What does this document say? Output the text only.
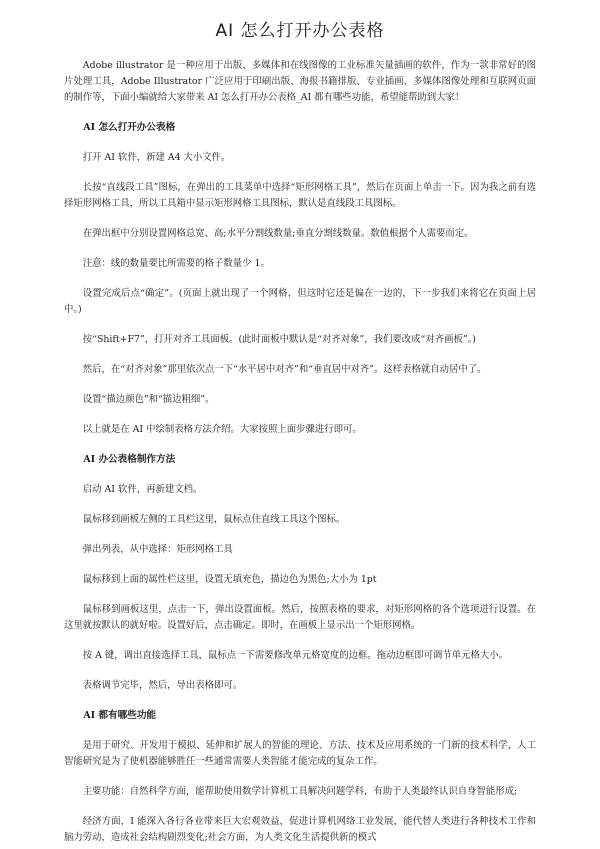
AI 怎么打开办公表格

Adobe illustrator 是一种应用于出版、多媒体和在线图像的工业标准矢量插画的软件，作为一款非常好的图片处理工具，Adobe Illustrator 广泛应用于印刷出版、海报书籍排版、专业插画、多媒体图像处理和互联网页面的制作等，下面小编就给大家带来 AI 怎么打开办公表格_AI 都有哪些功能，希望能帮助到大家！

AI 怎么打开办公表格

打开 AI 软件，新建 A4 大小文件。

长按“直线段工具”图标，在弹出的工具菜单中选择“矩形网格工具”，然后在页面上单击一下。因为我之前有选择矩形网格工具，所以工具箱中显示矩形网格工具图标，默认是直线段工具图标。

在弹出框中分别设置网格总宽、高;水平分割线数量;垂直分割线数量。数值根据个人需要而定。

注意：线的数量要比所需要的格子数量少 1。

设置完成后点“确定”。(页面上就出现了一个网格，但这时它还是偏在一边的，下一步我们来将它在页面上居中。)

按“Shift+F7”，打开对齐工具面板。(此时面板中默认是“对齐对象”，我们要改成“对齐画板”。)

然后，在“对齐对象”那里依次点一下“水平居中对齐”和“垂直居中对齐”。这样表格就自动居中了。

设置“描边颜色”和“描边粗细”。

以上就是在 AI 中绘制表格方法介绍。大家按照上面步骤进行即可。

AI 办公表格制作方法

启动 AI 软件，再新建文档。

鼠标移到画板左侧的工具栏这里，鼠标点住直线工具这个图标。

弹出列表，从中选择：矩形网格工具

鼠标移到上面的属性栏这里，设置无填充色，描边色为黑色;大小为 1pt

鼠标移到画板这里，点击一下，弹出设置面板。然后，按照表格的要求，对矩形网格的各个选项进行设置。在这里就按默认的就好啦。设置好后，点击确定。即时，在画板上显示出一个矩形网格。

按 A 键，调出直接选择工具，鼠标点一下需要修改单元格宽度的边框。拖动边框即可调节单元格大小。

表格调节完毕，然后，导出表格即可。

AI 都有哪些功能

是用于研究、开发用于模拟、延伸和扩展人的智能的理论、方法、技术及应用系统的一门新的技术科学，人工智能研究是为了使机器能够胜任一些通常需要人类智能才能完成的复杂工作。

主要功能：自然科学方面，能帮助使用数学计算机工具解决问题学科，有助于人类最终认识自身智能形成;

经济方面，I 能深入各行各业带来巨大宏观效益，促进计算机网络工业发展，能代替人类进行各种技术工作和脑力劳动，造成社会结构剧烈变化;社会方面，为人类文化生活提供新的模式
